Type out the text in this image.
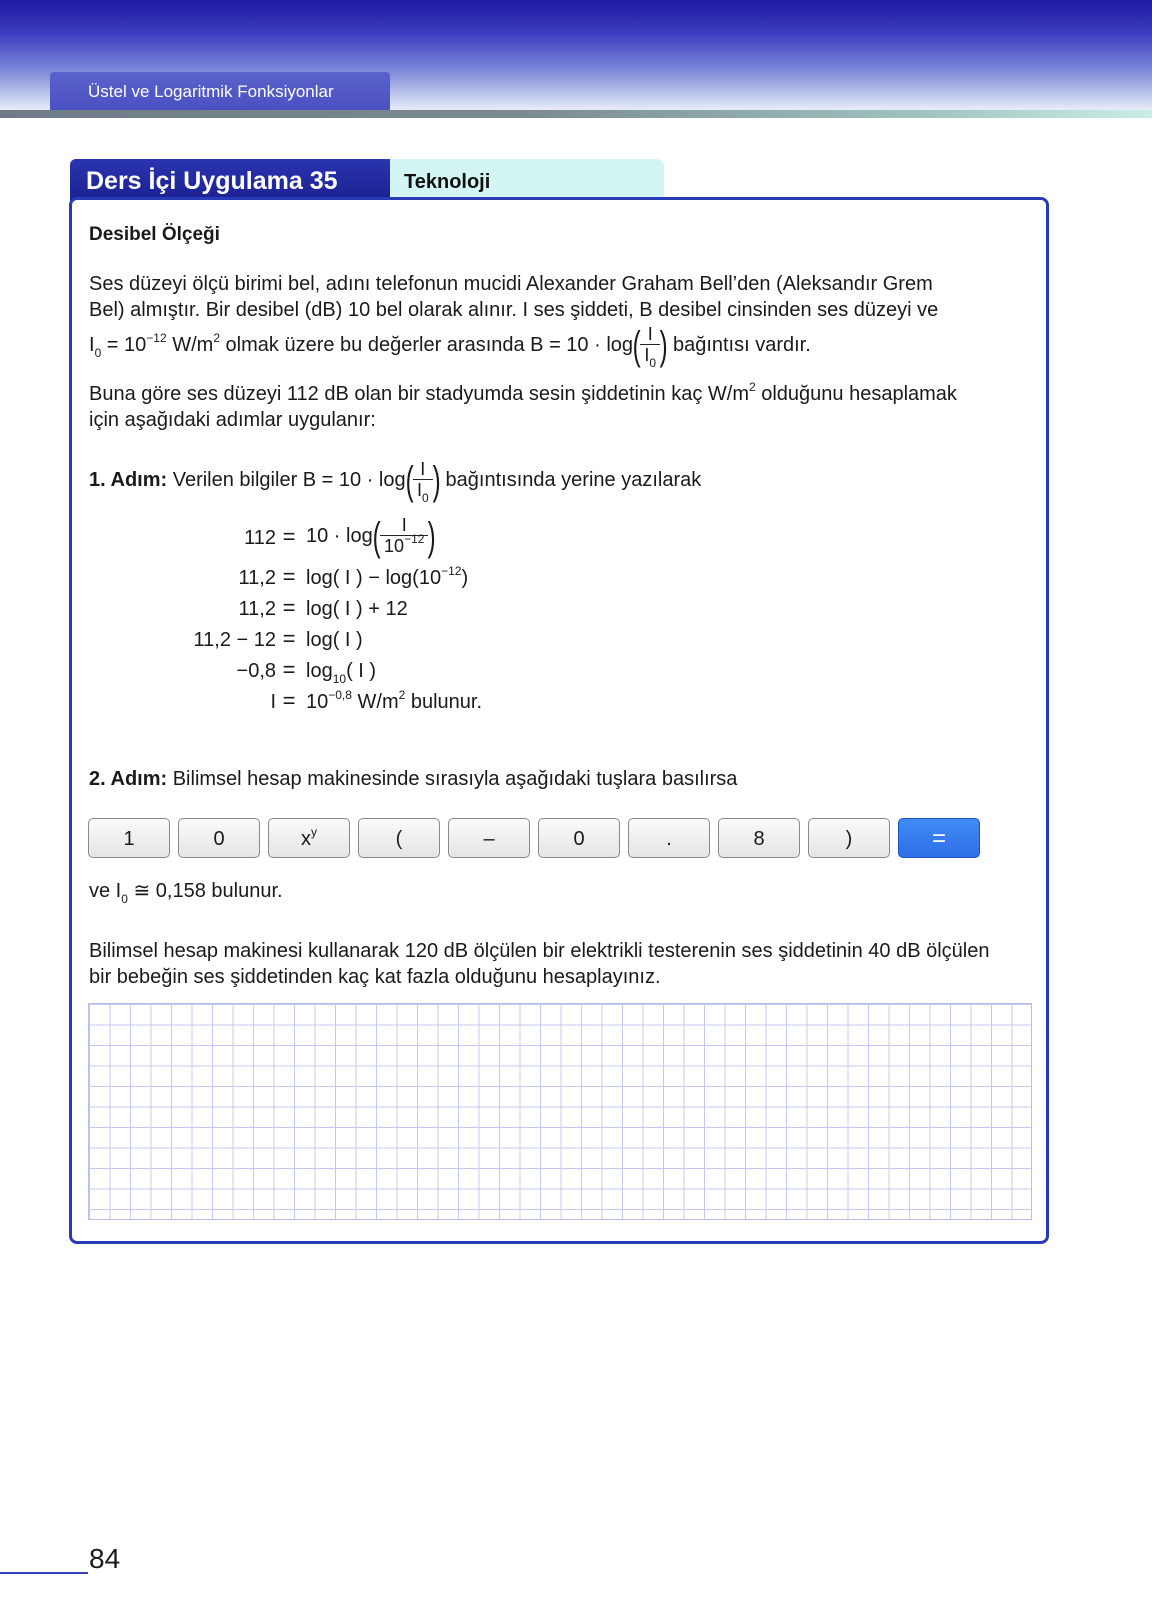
Üstel ve Logaritmik Fonksiyonlar
Ders İçi Uygulama 35	Teknoloji
Desibel Ölçeği
Ses düzeyi ölçü birimi bel, adını telefonun mucidi Alexander Graham Bell’den (Aleksandır Grem
Bel) almıştır. Bir desibel (dB) 10 bel olarak alınır. I ses şiddeti, B desibel cinsinden ses düzeyi ve
$I_0 = 10^{-12}$ $W/m^2$ olmak üzere bu değerler arasında $B = 10 \cdot \log( \frac{I}{I_0}$ ) bağıntısı vardır.
Buna göre ses düzeyi 112 dB olan bir stadyumda sesin şiddetinin kaç $W/m^2$ olduğunu hesaplamak
için aşağıdaki adımlar uygulanır:
1. Adım: Verilen bilgiler $B = 10 \cdot \log( \frac{I}{I_0}$ ) bağıntısında yerine yazılarak
$112 = 10 \cdot \log( \frac{I}{10^{-12}}$ )
11,2 = log( I ) − $\log(10^{-12})$
11,2 = log( I ) + 12
11,2 − 12 = log( I )
$-0,8 = \log_{10}$( I )
$I = 10^{-0,8}$ $W/m^2$ bulunur.
2. Adım: Bilimsel hesap makinesinde sırasıyla aşağıdaki tuşlara basılırsa
1	0	$x^y$	(	–	0	.	8	)	=
ve $I_0$ ≅ 0,158 bulunur.
Bilimsel hesap makinesi kullanarak 120 dB ölçülen bir elektrikli testerenin ses şiddetinin 40 dB ölçülen
bir bebeğin ses şiddetinden kaç kat fazla olduğunu hesaplayınız.
84
